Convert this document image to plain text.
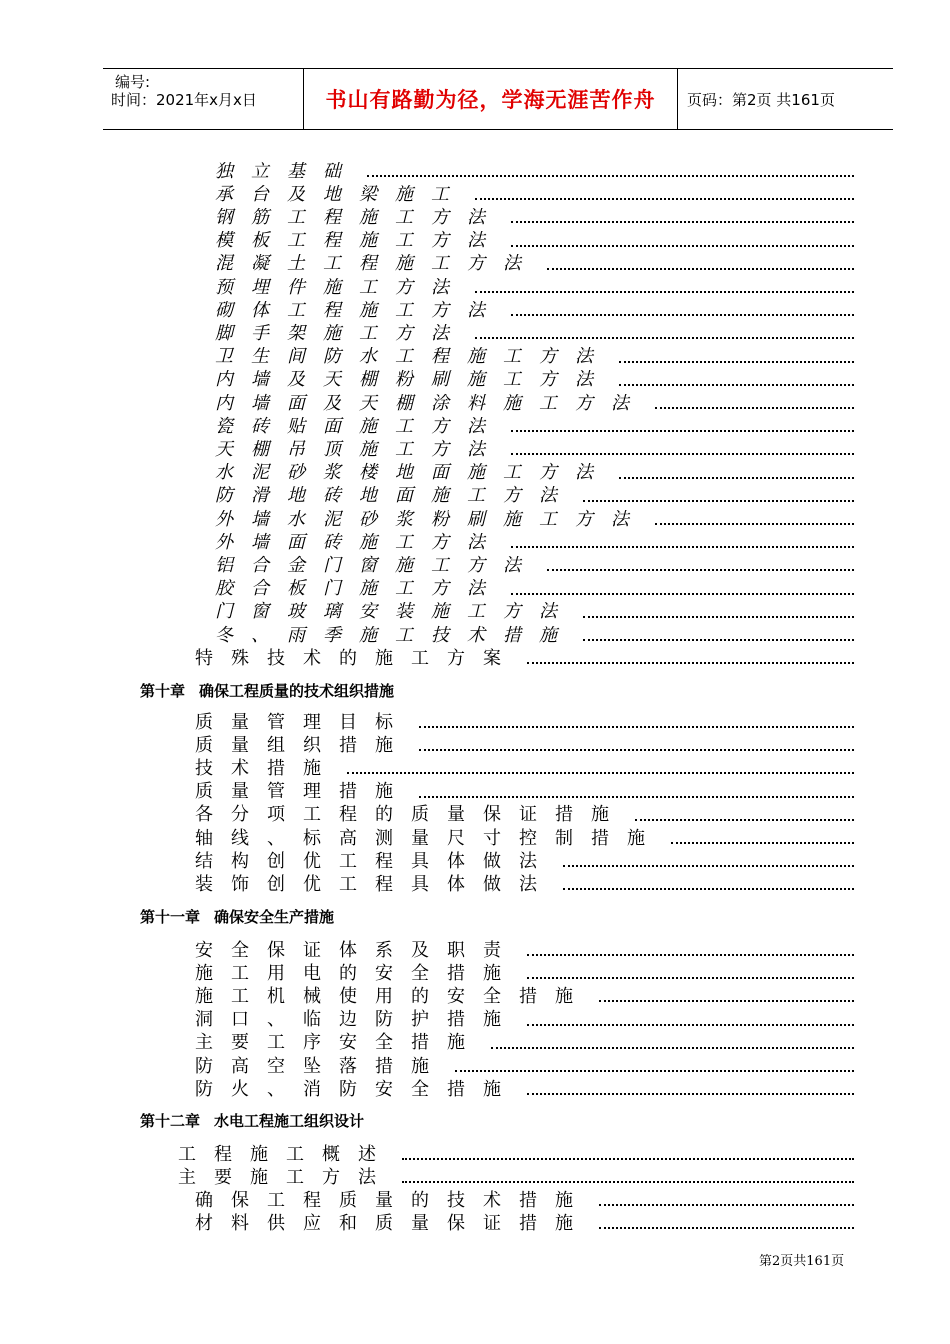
编号:
时间：2021年x月x日	书山有路勤为径，学海无涯苦作舟	页码：第2页 共161页
独立基础
承台及地梁施工
钢筋工程施工方法
模板工程施工方法
混凝土工程施工方法
预埋件施工方法
砌体工程施工方法
脚手架施工方法
卫生间防水工程施工方法
内墙及天棚粉刷施工方法
内墙面及天棚涂料施工方法
瓷砖贴面施工方法
天棚吊顶施工方法
水泥砂浆楼地面施工方法
防滑地砖地面施工方法
外墙水泥砂浆粉刷施工方法
外墙面砖施工方法
铝合金门窗施工方法
胶合板门施工方法
门窗玻璃安装施工方法
冬、雨季施工技术措施
特殊技术的施工方案
第十章 确保工程质量的技术组织措施
质量管理目标
质量组织措施
技术措施
质量管理措施
各分项工程的质量保证措施
轴线、标高测量尺寸控制措施
结构创优工程具体做法
装饰创优工程具体做法
第十一章 确保安全生产措施
安全保证体系及职责
施工用电的安全措施
施工机械使用的安全措施
洞口、临边防护措施
主要工序安全措施
防高空坠落措施
防火、消防安全措施
第十二章 水电工程施工组织设计
工程施工概述
主要施工方法
确保工程质量的技术措施
材料供应和质量保证措施
第2页共161页
